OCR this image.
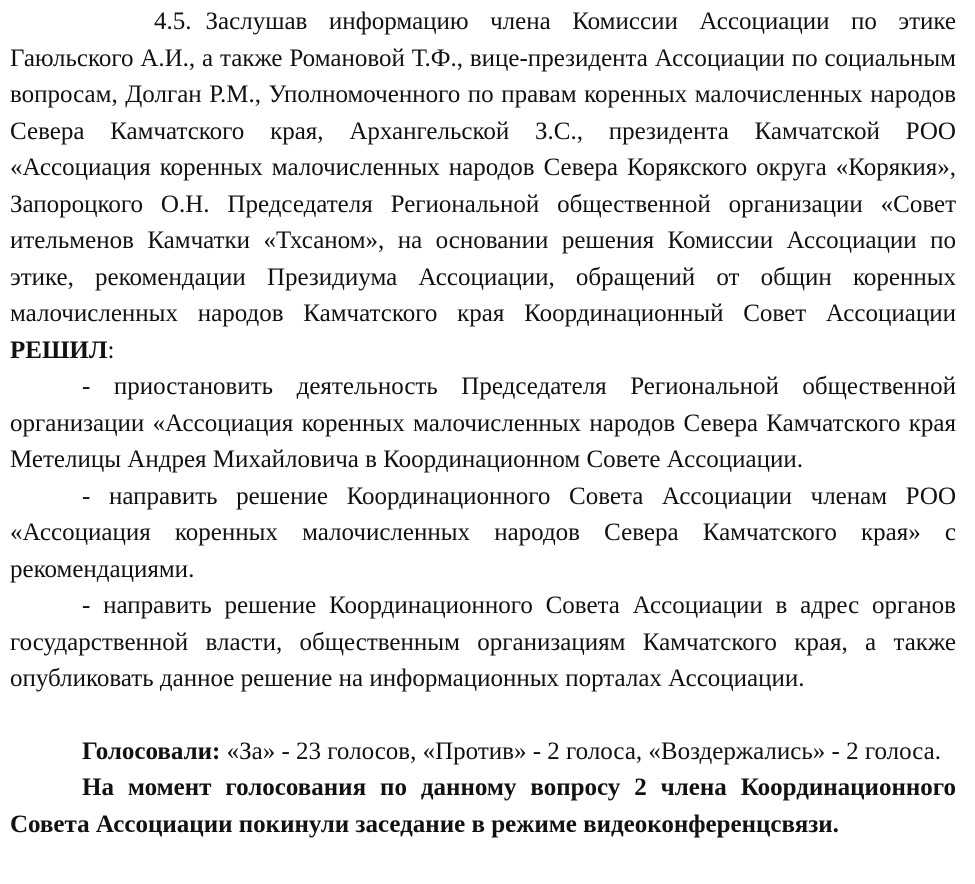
4.5. Заслушав информацию члена Комиссии Ассоциации по этике Гаюльского А.И., а также Романовой Т.Ф., вице-президента Ассоциации по социальным вопросам, Долган Р.М., Уполномоченного по правам коренных малочисленных народов Севера Камчатского края, Архангельской З.С., президента Камчатской РОО «Ассоциация коренных малочисленных народов Севера Корякского округа «Корякия», Запороцкого О.Н. Председателя Региональной общественной организации «Совет ительменов Камчатки «Тхсаном», на основании решения Комиссии Ассоциации по этике, рекомендации Президиума Ассоциации, обращений от общин коренных малочисленных народов Камчатского края Координационный Совет Ассоциации РЕШИЛ:

- приостановить деятельность Председателя Региональной общественной организации «Ассоциация коренных малочисленных народов Севера Камчатского края Метелицы Андрея Михайловича в Координационном Совете Ассоциации.

- направить решение Координационного Совета Ассоциации членам РОО «Ассоциация коренных малочисленных народов Севера Камчатского края» с рекомендациями.

- направить решение Координационного Совета Ассоциации в адрес органов государственной власти, общественным организациям Камчатского края, а также опубликовать данное решение на информационных порталах Ассоциации.

Голосовали: «За» - 23 голосов, «Против» - 2 голоса, «Воздержались» - 2 голоса.

На момент голосования по данному вопросу 2 члена Координационного Совета Ассоциации покинули заседание в режиме видеоконференцсвязи.
